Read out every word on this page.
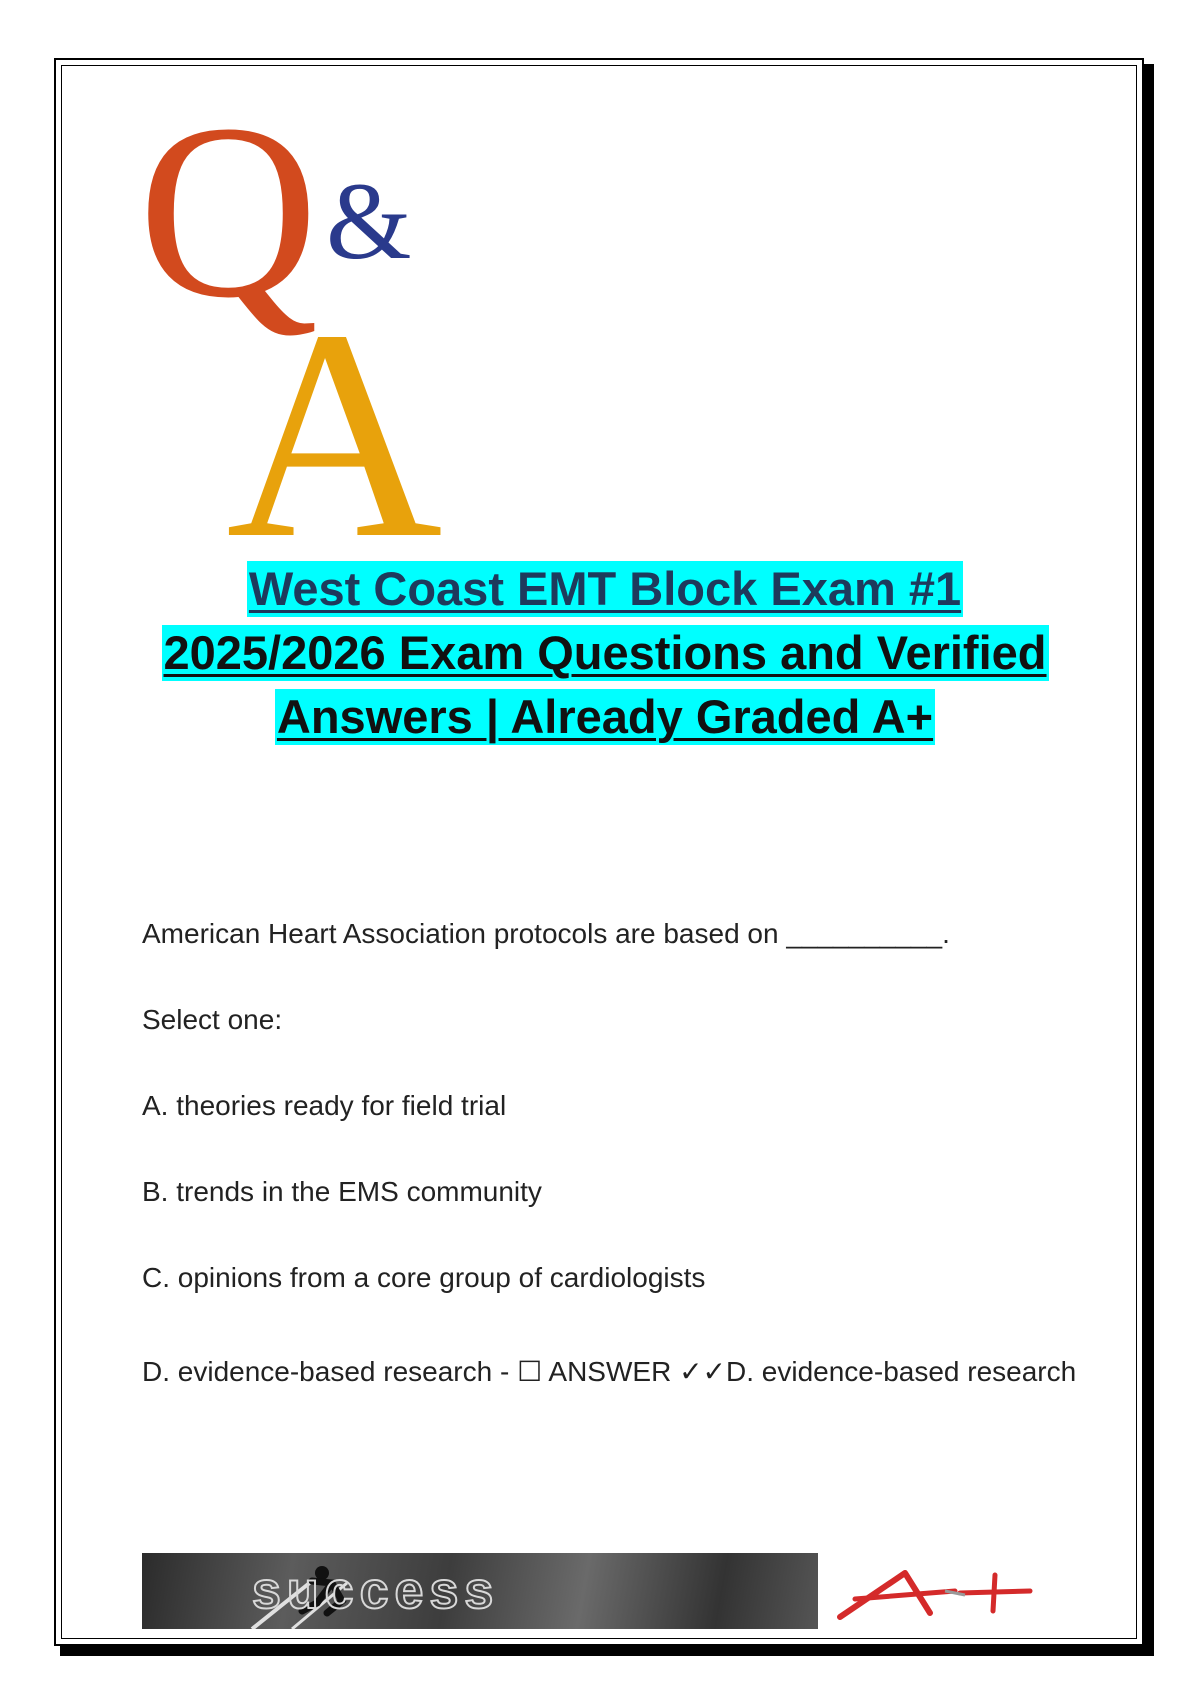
Q &
A
West Coast EMT Block Exam #1
2025/2026 Exam Questions and Verified
Answers | Already Graded A+
American Heart Association protocols are based on __________.
Select one:
A. theories ready for field trial
B. trends in the EMS community
C. opinions from a core group of cardiologists
D. evidence-based research - ☐ ANSWER ✓✓D. evidence-based research
success
